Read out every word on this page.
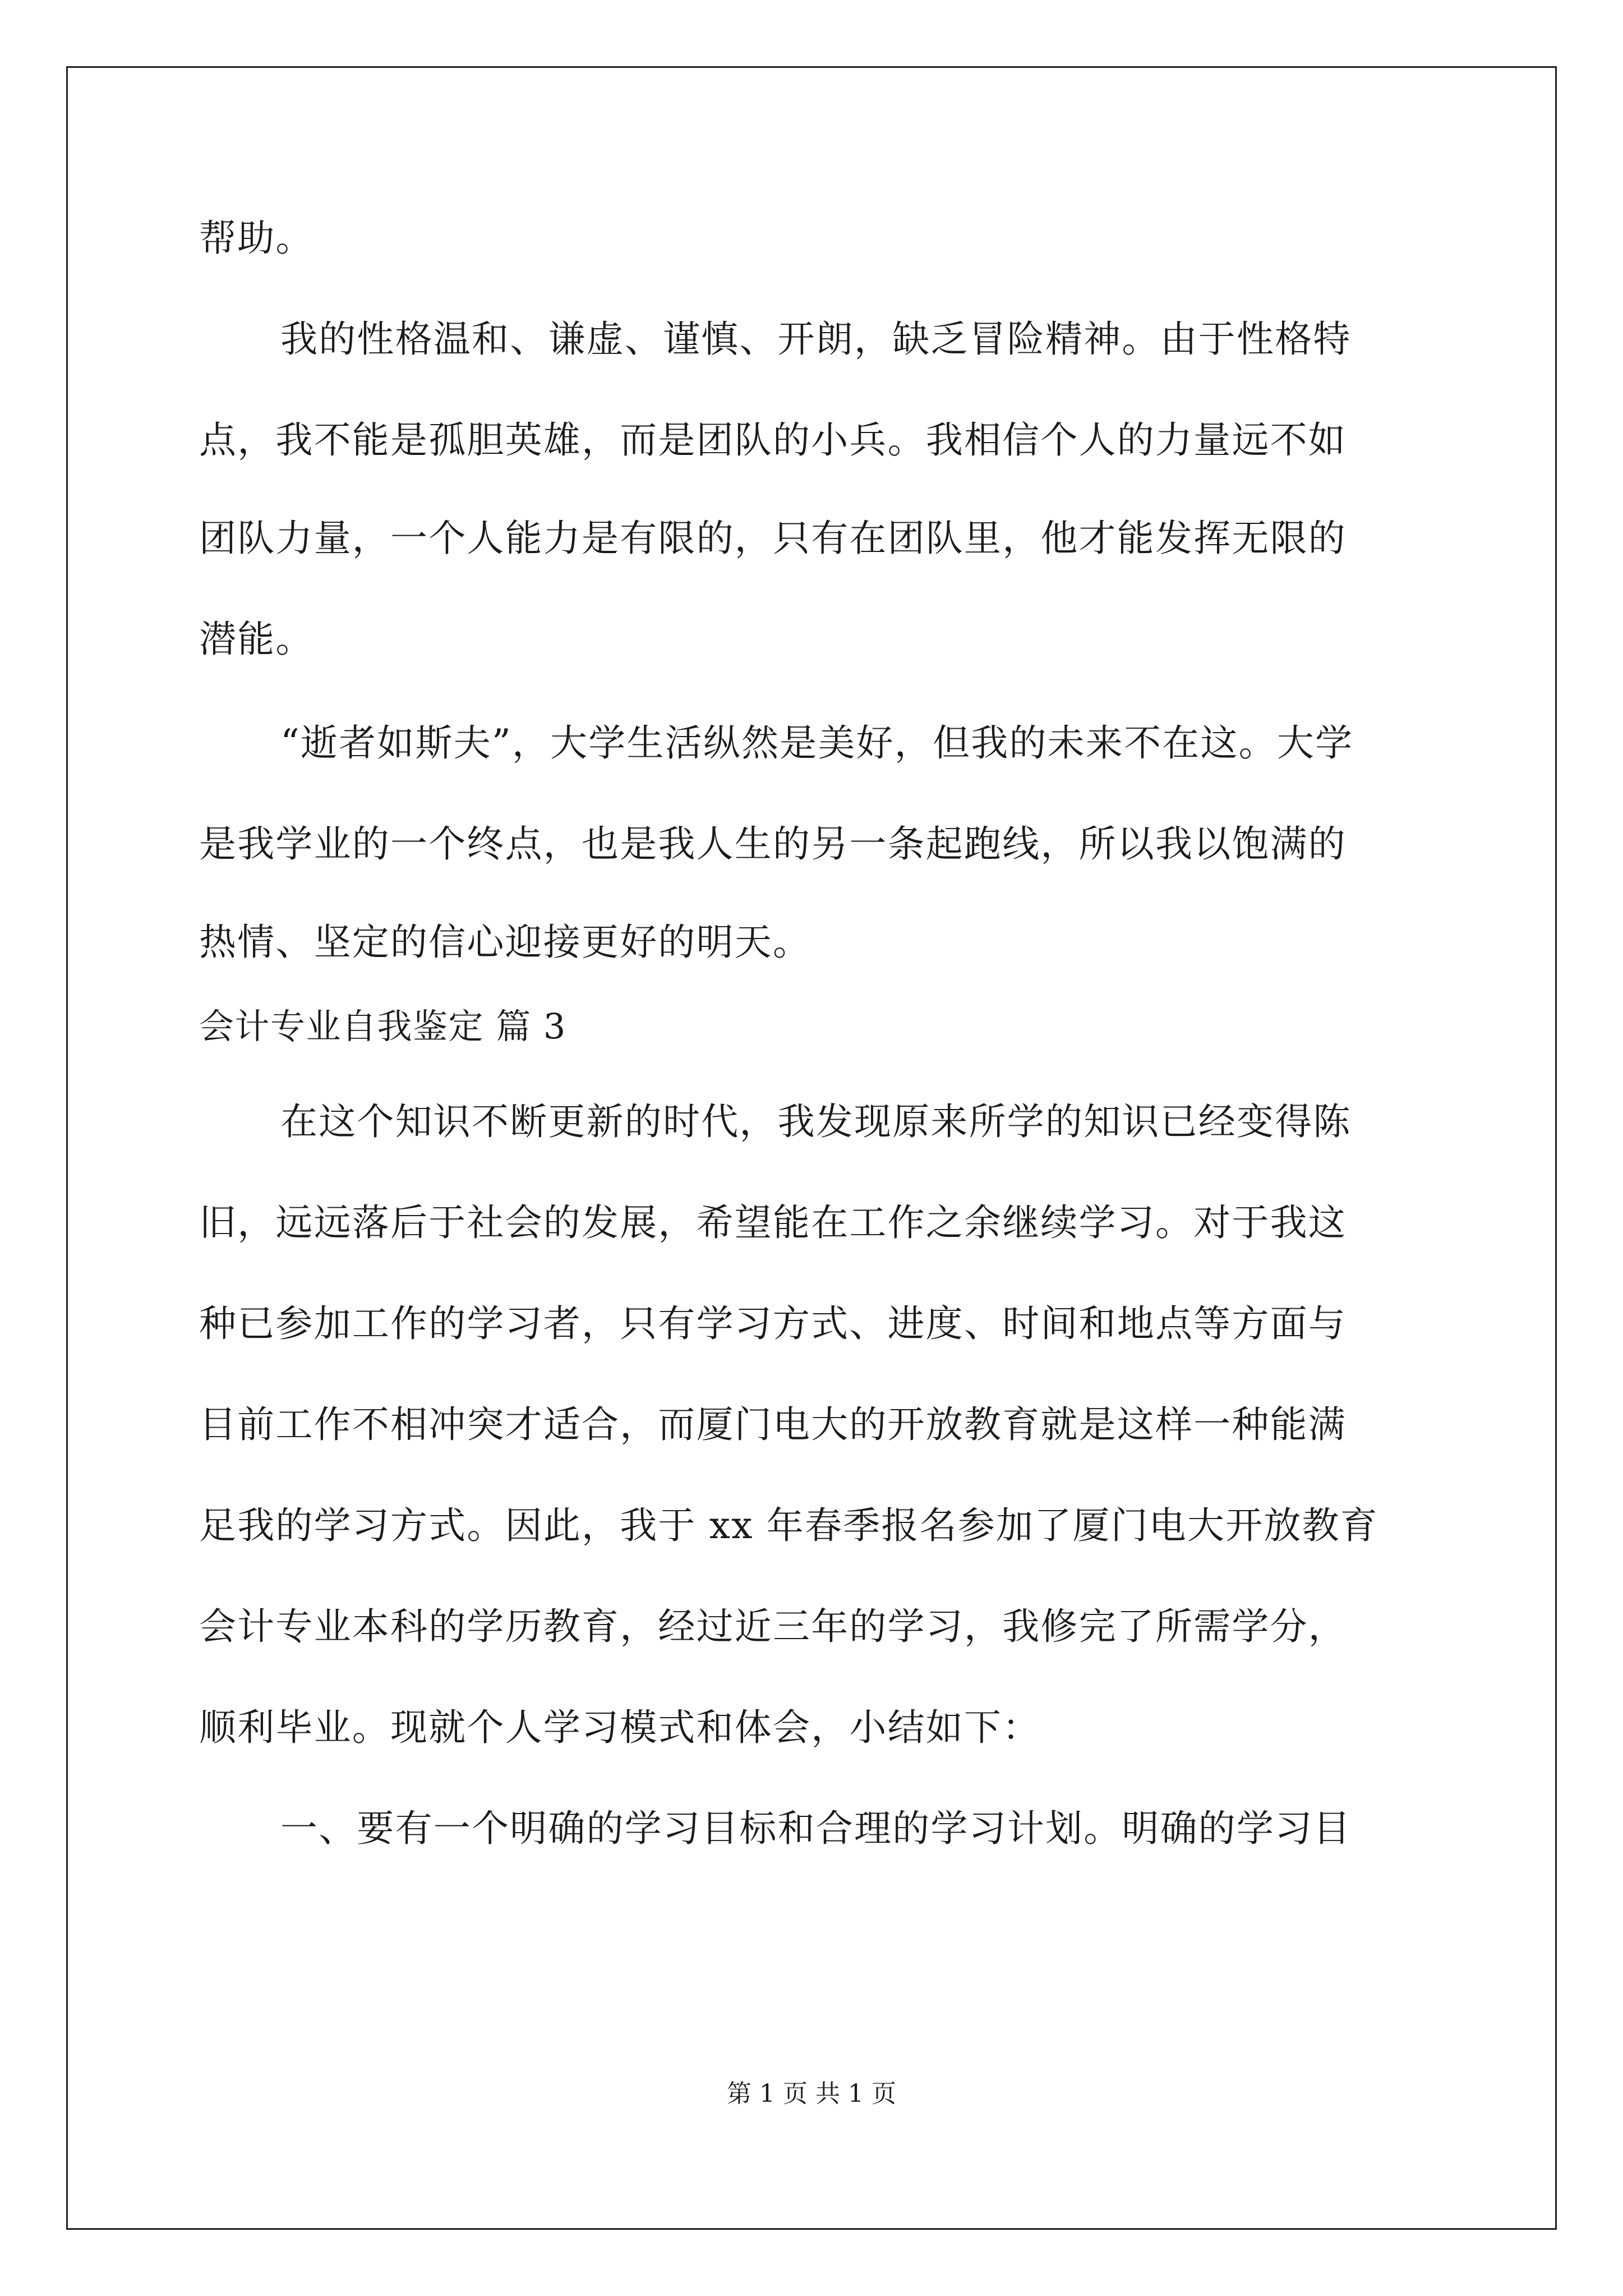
帮助。
我的性格温和、谦虚、谨慎、开朗，缺乏冒险精神。由于性格特
点，我不能是孤胆英雄，而是团队的小兵。我相信个人的力量远不如
团队力量，一个人能力是有限的，只有在团队里，他才能发挥无限的
潜能。
“逝者如斯夫”，大学生活纵然是美好，但我的未来不在这。大学
是我学业的一个终点，也是我人生的另一条起跑线，所以我以饱满的
热情、坚定的信心迎接更好的明天。
会计专业自我鉴定 篇 3
在这个知识不断更新的时代，我发现原来所学的知识已经变得陈
旧，远远落后于社会的发展，希望能在工作之余继续学习。对于我这
种已参加工作的学习者，只有学习方式、进度、时间和地点等方面与
目前工作不相冲突才适合，而厦门电大的开放教育就是这样一种能满
足我的学习方式。因此，我于 xx 年春季报名参加了厦门电大开放教育
会计专业本科的学历教育，经过近三年的学习，我修完了所需学分，
顺利毕业。现就个人学习模式和体会，小结如下：
一、要有一个明确的学习目标和合理的学习计划。明确的学习目
第 1 页 共 1 页
